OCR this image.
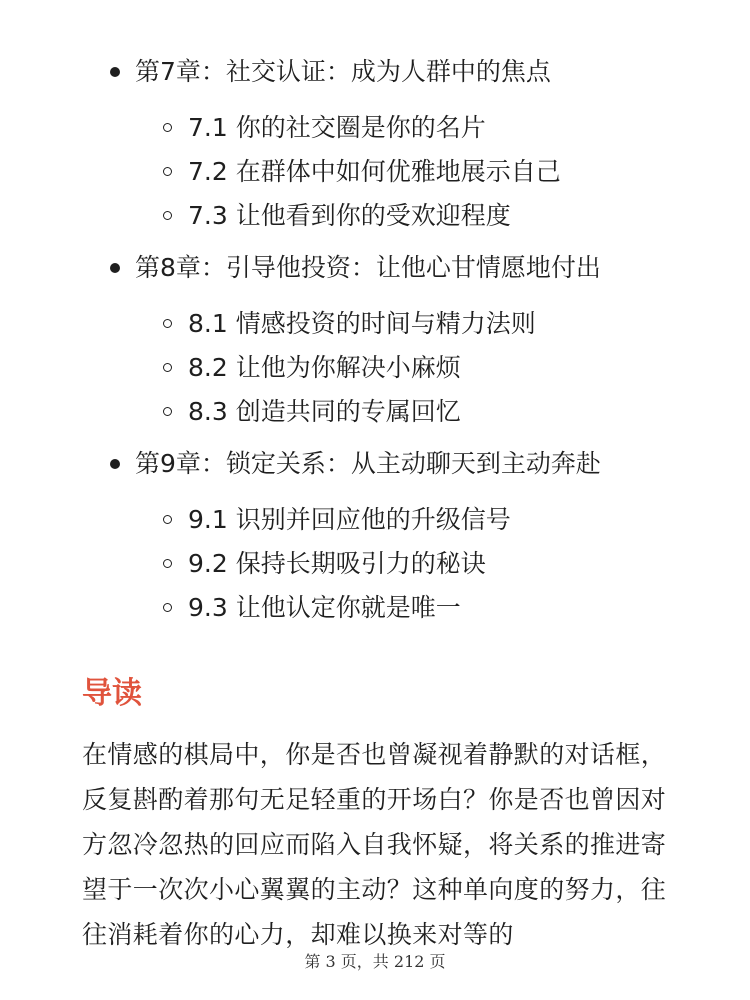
第7章：社交认证：成为人群中的焦点
7.1 你的社交圈是你的名片
7.2 在群体中如何优雅地展示自己
7.3 让他看到你的受欢迎程度
第8章：引导他投资：让他心甘情愿地付出
8.1 情感投资的时间与精力法则
8.2 让他为你解决小麻烦
8.3 创造共同的专属回忆
第9章：锁定关系：从主动聊天到主动奔赴
9.1 识别并回应他的升级信号
9.2 保持长期吸引力的秘诀
9.3 让他认定你就是唯一
导读
在情感的棋局中，你是否也曾凝视着静默的对话框，反复斟酌着那句无足轻重的开场白？你是否也曾因对方忽冷忽热的回应而陷入自我怀疑，将关系的推进寄望于一次次小心翼翼的主动？这种单向度的努力，往往消耗着你的心力，却难以换来对等的
第 3 页，共 212 页
